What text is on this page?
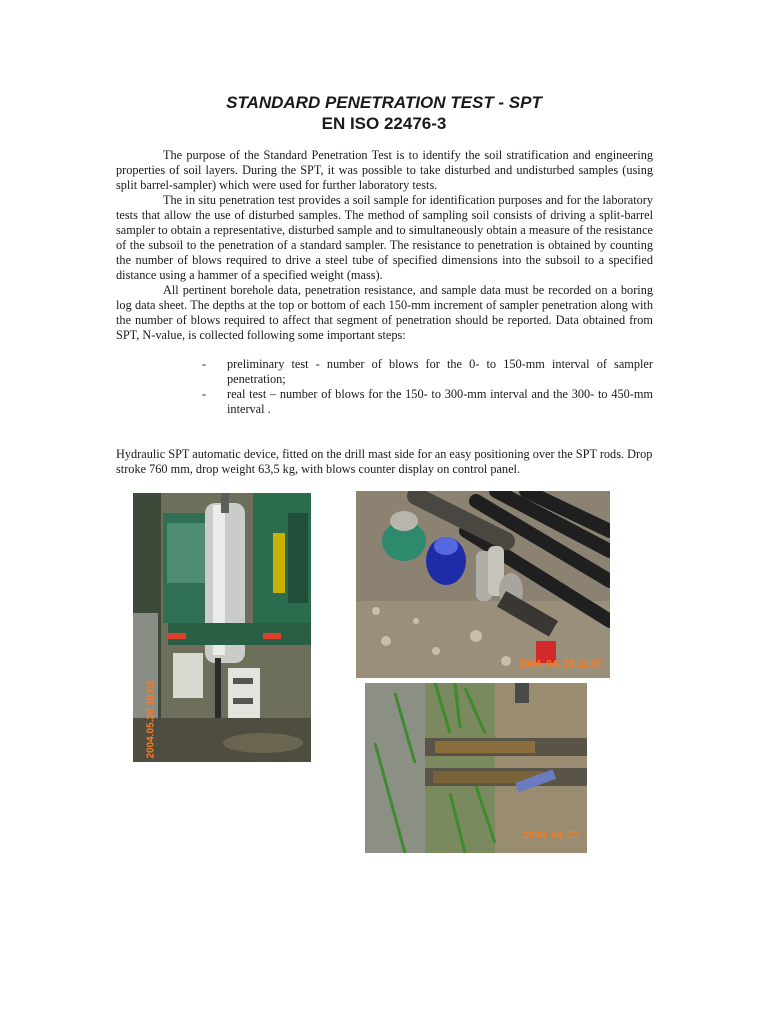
STANDARD PENETRATION TEST - SPT
EN ISO 22476-3

The purpose of the Standard Penetration Test is to identify the soil stratification and engineering properties of soil layers. During the SPT, it was possible to take disturbed and undisturbed samples (using split barrel-sampler) which were used for further laboratory tests.

The in situ penetration test provides a soil sample for identification purposes and for the laboratory tests that allow the use of disturbed samples. The method of sampling soil consists of driving a split-barrel sampler to obtain a representative, disturbed sample and to simultaneously obtain a measure of the resistance of the subsoil to the penetration of a standard sampler. The resistance to penetration is obtained by counting the number of blows required to drive a steel tube of specified dimensions into the subsoil to a specified distance using a hammer of a specified weight (mass).

All pertinent borehole data, penetration resistance, and sample data must be recorded on a boring log data sheet. The depths at the top or bottom of each 150-mm increment of sampler penetration along with the number of blows required to affect that segment of penetration should be reported. Data obtained from SPT, N-value, is collected following some important steps:

- preliminary test - number of blows for the 0- to 150-mm interval of sampler penetration;
- real test – number of blows for the 150- to 300-mm interval and the 300- to 450-mm interval .
Hydraulic SPT automatic device, fitted on the drill mast side for an easy positioning over the SPT rods. Drop stroke 760 mm, drop weight 63,5 kg, with blows counter display on control panel.
2004.05.20 10:02
2004. 04. 28 11:07
2004. 04. 27
